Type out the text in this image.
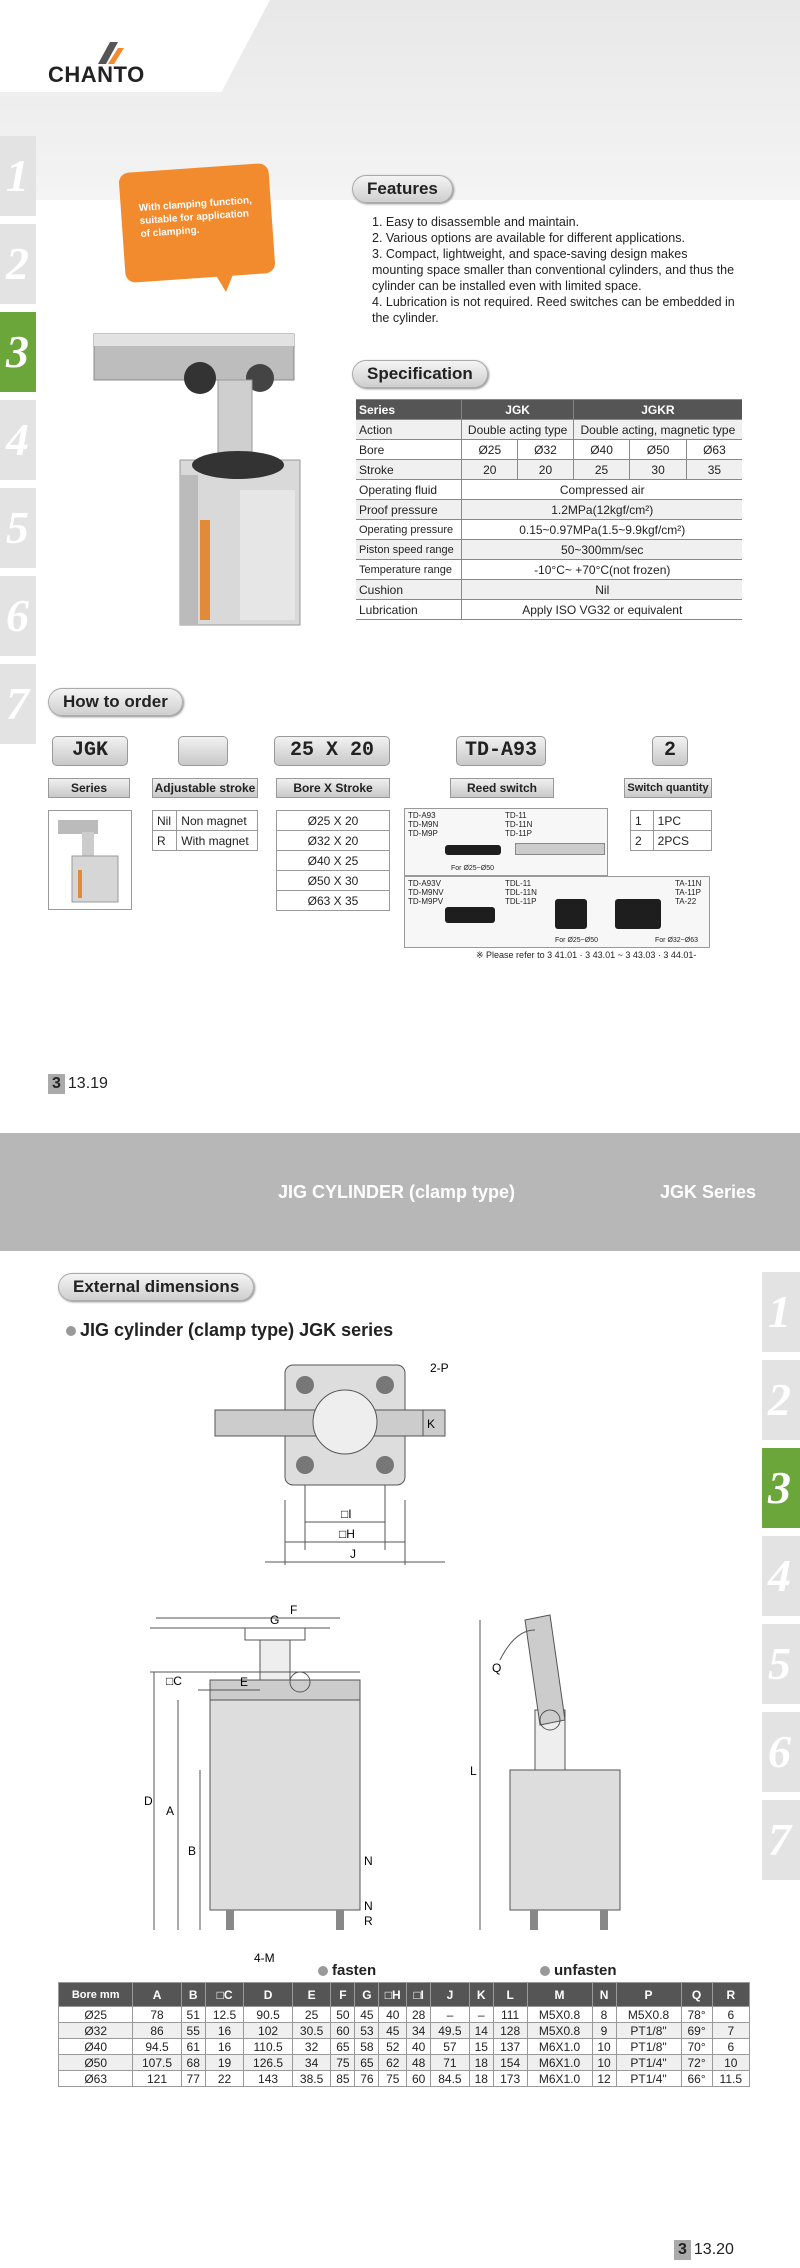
CHANTO
1
2
3
4
5
6
7
With clamping function, suitable for application of clamping.
Features
1. Easy to disassemble and maintain.
2. Various options are available for different applications.
3. Compact, lightweight, and space-saving design makes mounting space smaller than conventional cylinders, and thus the cylinder can be installed even with limited space.
4. Lubrication is not required. Reed switches can be embedded in the cylinder.
Specification
Series	JGK		JGKR		
Action	Double acting type		Double acting, magnetic type		
Bore	Ø25	Ø32	Ø40	Ø50	Ø63
Stroke	20	20	25	30	35
Operating fluid	Compressed air				
Proof pressure	1.2MPa(12kgf/cm²)				
Operating pressure	0.15~0.97MPa(1.5~9.9kgf/cm²)				
Piston speed range	50~300mm/sec				
Temperature range	-10°C~ +70°C(not frozen)				
Cushion	Nil				
Lubrication	Apply ISO VG32 or equivalent				
How to order
JGK	25 X 20	TD-A93	2
Series	Adjustable stroke	Bore X Stroke	Reed switch	Switch quantity
Nil	Non magnet
R	With magnet
Ø25 X 20
Ø32 X 20
Ø40 X 25
Ø50 X 30
Ø63 X 35
TD-A93
TD-M9N
TD-M9P
For Ø25~Ø50
TD-11
TD-11N
TD-11P
TD-A93V
TD-M9NV
TD-M9PV
TDL-11
TDL-11N
TDL-11P
For Ø25~Ø50
TA-11N
TA-11P
TA-22
For Ø32~Ø63
※ Please refer to 3 41.01 · 3 43.01 ~ 3 43.03 · 3 44.01-
1	1PC
2	2PCS
3 13.19
JIG CYLINDER (clamp type)	JGK Series
1
2
3
4
5
6
7
External dimensions
JIG cylinder (clamp type) JGK series
□I
□H
J
K
2-P
F
G
□C	E
D
A
B
N
N
R
4-M
L
Q
fasten	unfasten
Bore mm	A	B	□C	D	E	F	G	□H	□I	J	K	L	M	N	P	Q	R
Ø25	78	51	12.5	90.5	25	50	45	40	28	–	–	111	M5X0.8	8	M5X0.8	78°	6
Ø32	86	55	16	102	30.5	60	53	45	34	49.5	14	128	M5X0.8	9	PT1/8"	69°	7
Ø40	94.5	61	16	110.5	32	65	58	52	40	57	15	137	M6X1.0	10	PT1/8"	70°	6
Ø50	107.5	68	19	126.5	34	75	65	62	48	71	18	154	M6X1.0	10	PT1/4"	72°	10
Ø63	121	77	22	143	38.5	85	76	75	60	84.5	18	173	M6X1.0	12	PT1/4"	66°	11.5
3 13.20
